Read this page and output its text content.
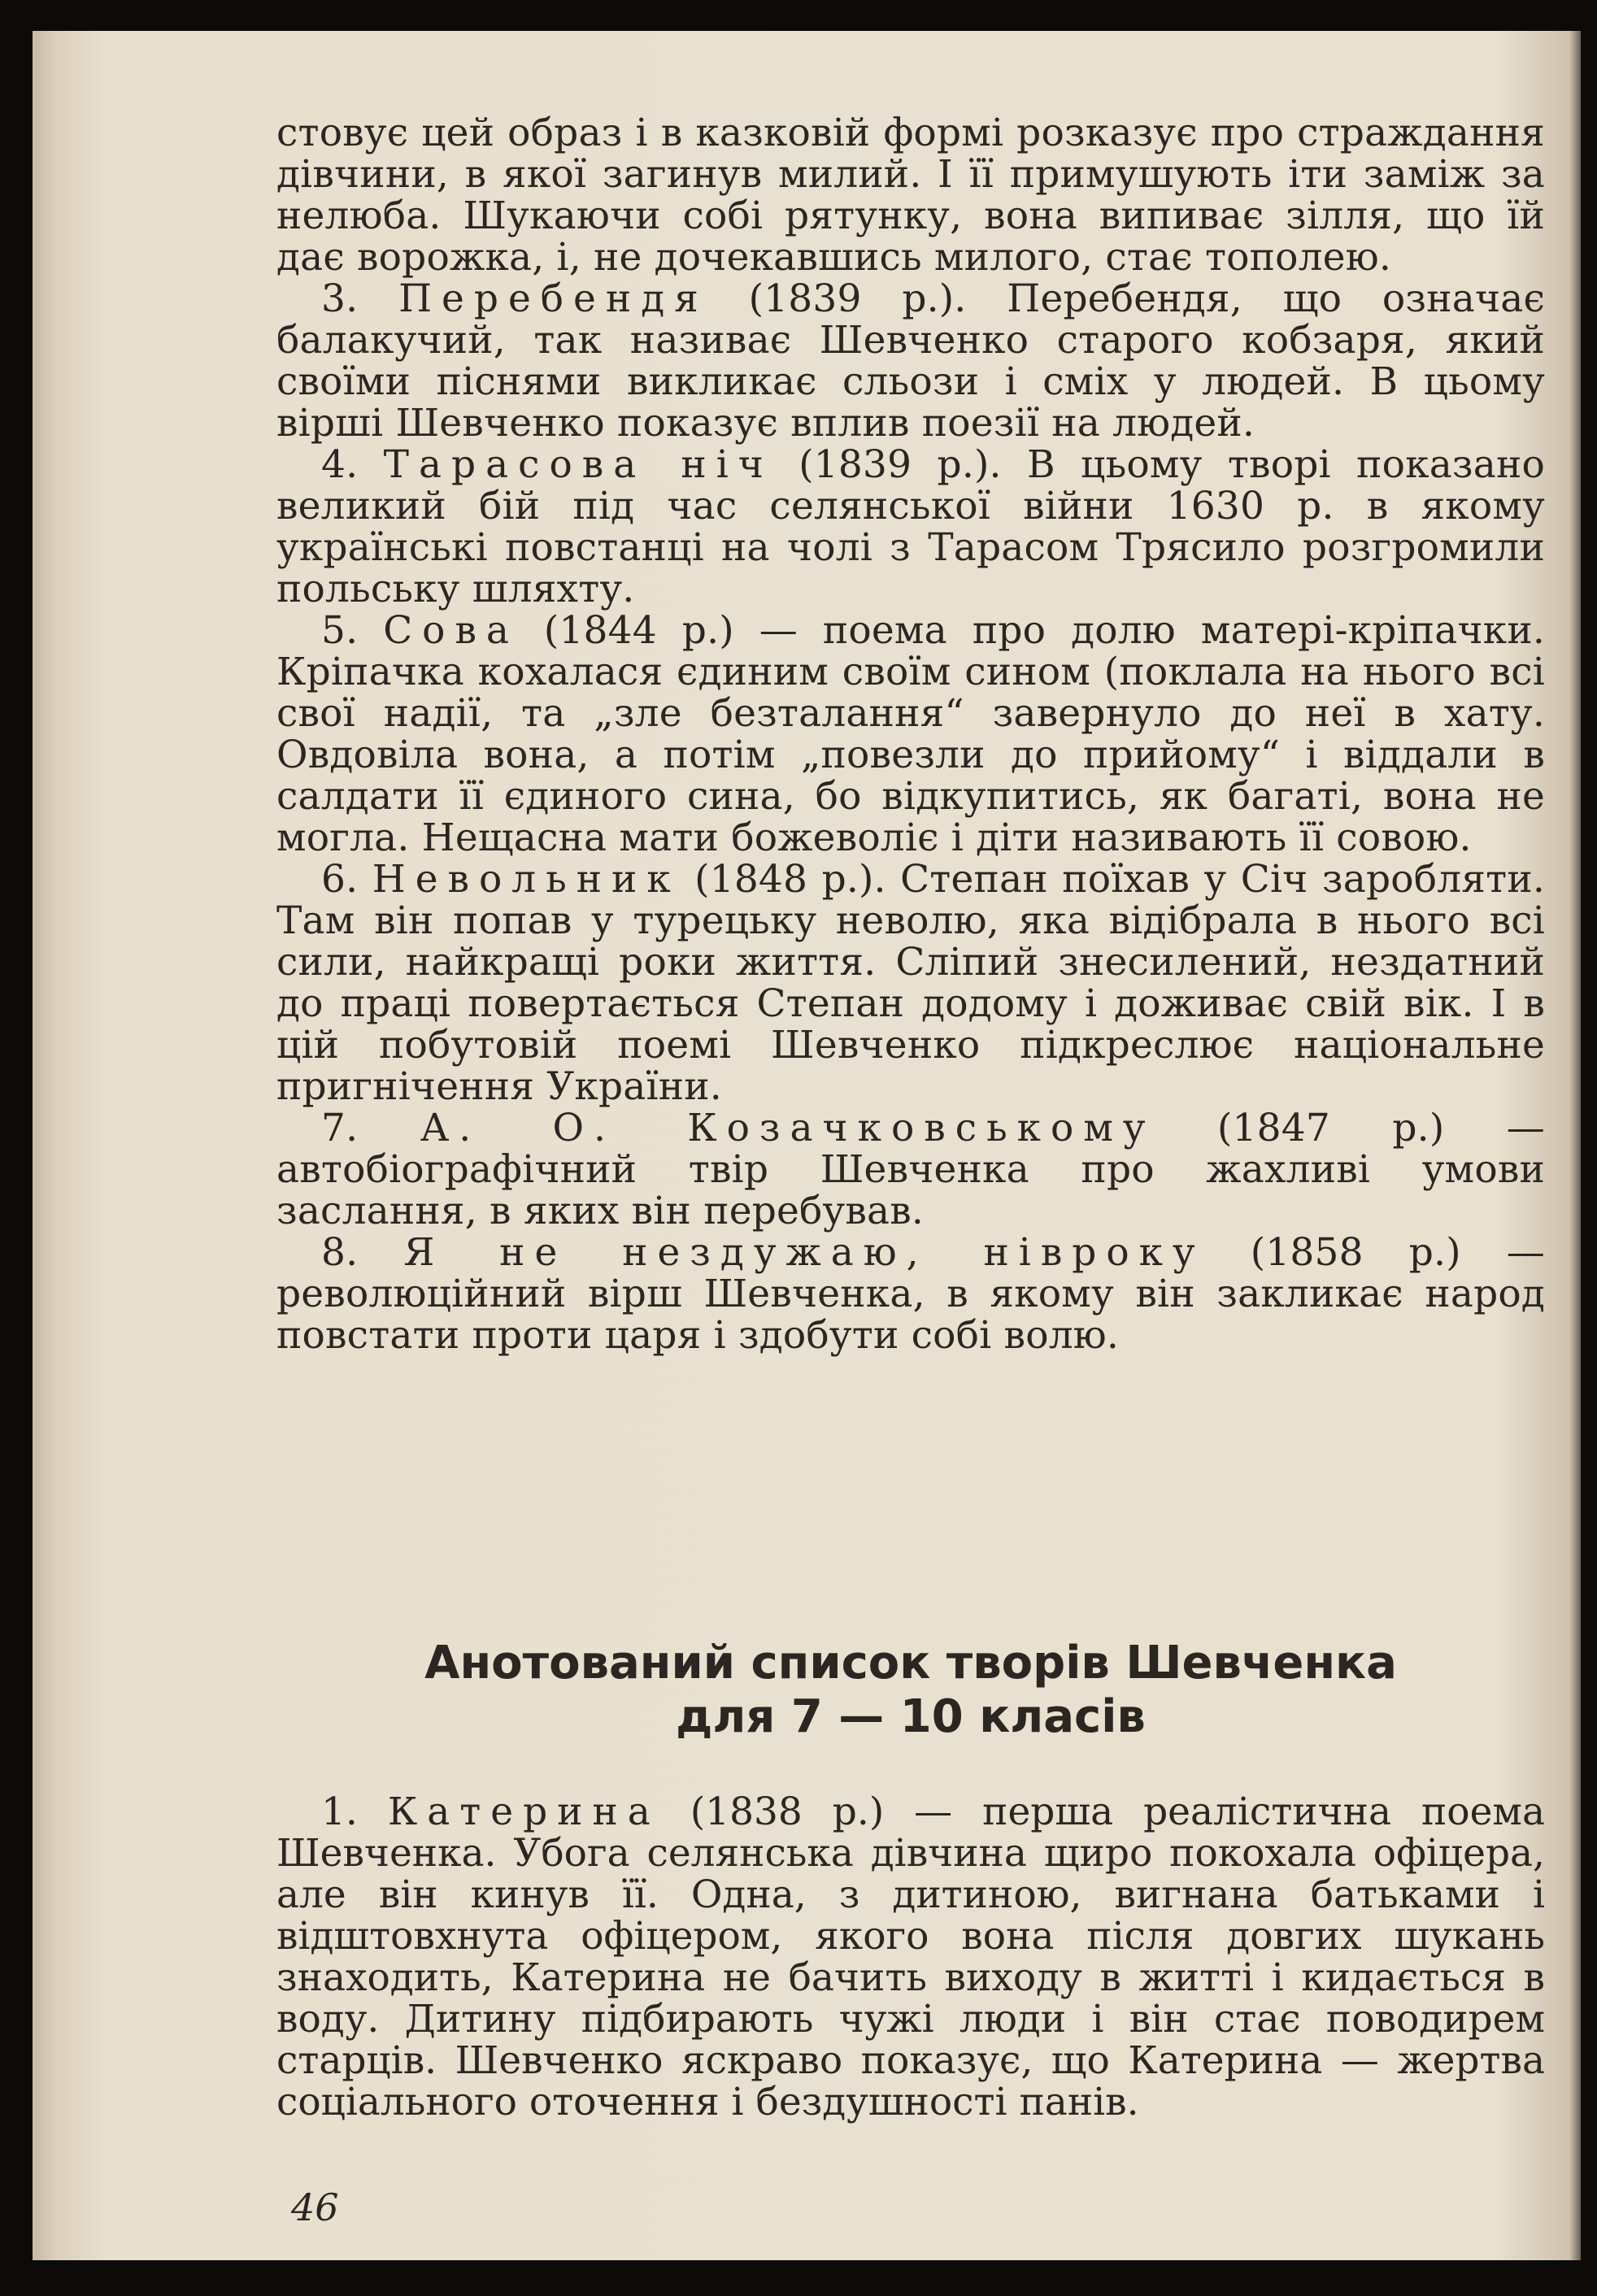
стовує цей образ і в казковій формі розказує про страждання дівчини, в якої загинув милий. І її примушують іти заміж за нелюба. Шукаючи собі рятунку, вона випиває зілля, що їй дає ворожка, і, не дочекавшись милого, стає тополею.

3. Перебендя (1839 р.). Перебендя, що означає балакучий, так називає Шевченко старого кобзаря, який своїми піснями викликає сльози і сміх у людей. В цьому вірші Шевченко показує вплив поезії на людей.

4. Тарасова ніч (1839 р.). В цьому творі показано великий бій під час селянської війни 1630 р. в якому українські повстанці на чолі з Тарасом Трясило розгромили польську шляхту.

5. Сова (1844 р.) — поема про долю матері-кріпачки. Кріпачка кохалася єдиним своїм сином (поклала на нього всі свої надії, та „зле безталання“ завернуло до неї в хату. Овдовіла вона, а потім „повезли до прийому“ і віддали в салдати її єдиного сина, бо відкупитись, як багаті, вона не могла. Нещасна мати божеволіє і діти називають її совою.

6. Невольник (1848 р.). Степан поїхав у Січ заробляти. Там він попав у турецьку неволю, яка відібрала в нього всі сили, найкращі роки життя. Сліпий знесилений, нездатний до праці повертається Степан додому і доживає свій вік. І в цій побутовій поемі Шевченко підкреслює національне пригнічення України.

7. А. О. Козачковському (1847 р.) — автобіографічний твір Шевченка про жахливі умови заслання, в яких він перебував.

8. Я не нездужаю, нівроку (1858 р.) — революційний вірш Шевченка, в якому він закликає народ повстати проти царя і здобути собі волю.

Анотований список творів Шевченка
для 7 — 10 класів

1. Катерина (1838 р.) — перша реалістична поема Шевченка. Убога селянська дівчина щиро покохала офіцера, але він кинув її. Одна, з дитиною, вигнана батьками і відштовхнута офіцером, якого вона після довгих шукань знаходить, Катерина не бачить виходу в житті і кидається в воду. Дитину підбирають чужі люди і він стає поводирем старців. Шевченко яскраво показує, що Катерина — жертва соціального оточення і бездушності панів.

46
